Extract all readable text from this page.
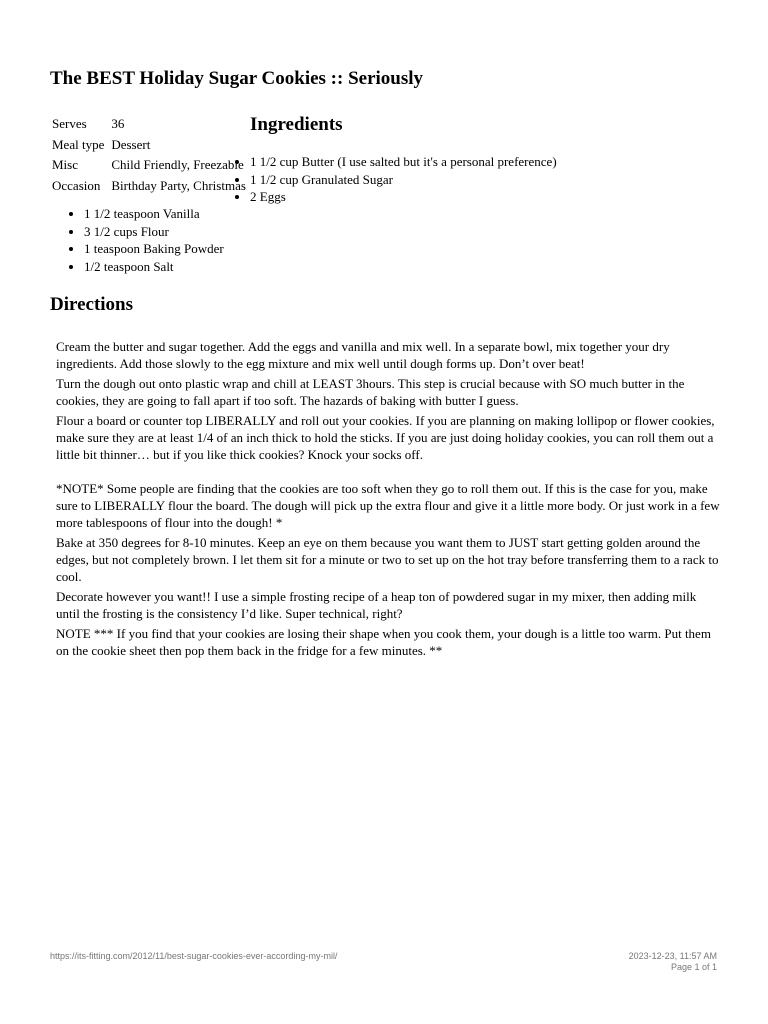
The BEST Holiday Sugar Cookies :: Seriously
Serves	36
Meal type	Dessert
Misc	Child Friendly, Freezable
Occasion	Birthday Party, Christmas
Ingredients
• 1 1/2 cup Butter (I use salted but it's a personal preference)
• 1 1/2 cup Granulated Sugar
• 2 Eggs
• 1 1/2 teaspoon Vanilla
• 3 1/2 cups Flour
• 1 teaspoon Baking Powder
• 1/2 teaspoon Salt
Directions

Cream the butter and sugar together. Add the eggs and vanilla and mix well. In a separate bowl, mix together your dry ingredients. Add those slowly to the egg mixture and mix well until dough forms up. Don’t over beat!

Turn the dough out onto plastic wrap and chill at LEAST 3hours. This step is crucial because with SO much butter in the cookies, they are going to fall apart if too soft. The hazards of baking with butter I guess.

Flour a board or counter top LIBERALLY and roll out your cookies. If you are planning on making lollipop or flower cookies, make sure they are at least 1/4 of an inch thick to hold the sticks. If you are just doing holiday cookies, you can roll them out a little bit thinner… but if you like thick cookies? Knock your socks off.

*NOTE* Some people are finding that the cookies are too soft when they go to roll them out. If this is the case for you, make sure to LIBERALLY flour the board. The dough will pick up the extra flour and give it a little more body. Or just work in a few more tablespoons of flour into the dough! *

Bake at 350 degrees for 8-10 minutes. Keep an eye on them because you want them to JUST start getting golden around the edges, but not completely brown. I let them sit for a minute or two to set up on the hot tray before transferring them to a rack to cool.

Decorate however you want!! I use a simple frosting recipe of a heap ton of powdered sugar in my mixer, then adding milk until the frosting is the consistency I’d like. Super technical, right?

NOTE *** If you find that your cookies are losing their shape when you cook them, your dough is a little too warm. Put them on the cookie sheet then pop them back in the fridge for a few minutes. **

https://its-fitting.com/2012/11/best-sugar-cookies-ever-according-my-mil/	2023-12-23, 11:57 AM
Page 1 of 1
